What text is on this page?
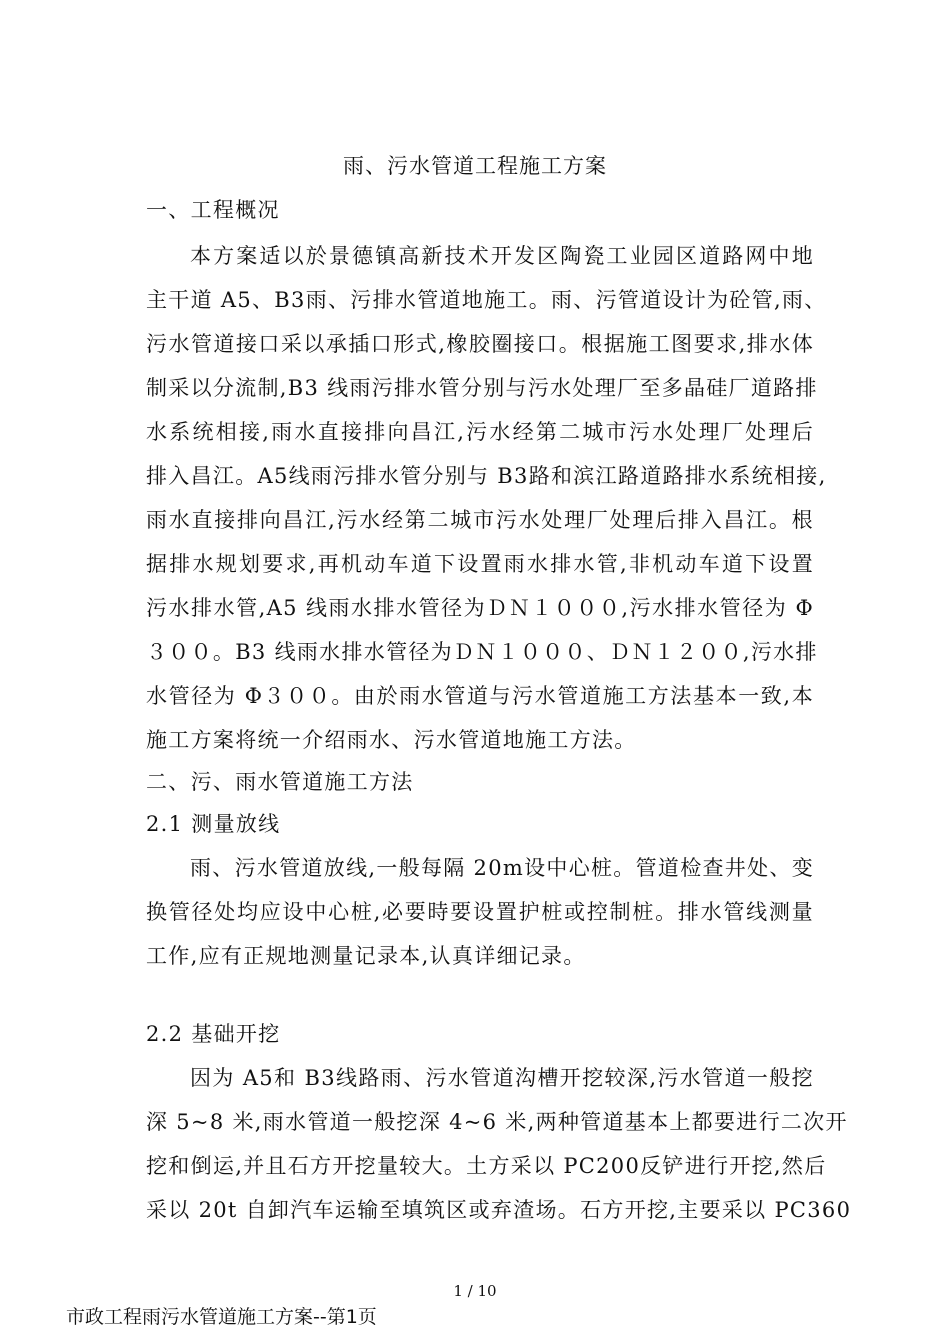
雨、污水管道工程施工方案
一、工程概况
本方案适以於景德镇高新技术开发区陶瓷工业园区道路网中地
主干道 A5、B3雨、污排水管道地施工。雨、污管道设计为砼管,雨、
污水管道接口采以承插口形式,橡胶圈接口。根据施工图要求,排水体
制采以分流制,B3 线雨污排水管分别与污水处理厂至多晶硅厂道路排
水系统相接,雨水直接排向昌江,污水经第二城市污水处理厂处理后
排入昌江。A5线雨污排水管分别与 B3路和滨江路道路排水系统相接,
雨水直接排向昌江,污水经第二城市污水处理厂处理后排入昌江。根
据排水规划要求,再机动车道下设置雨水排水管,非机动车道下设置
污水排水管,A5 线雨水排水管径为ＤＮ１０００,污水排水管径为 Φ
３００。B3 线雨水排水管径为ＤＮ１０００、ＤＮ１２００,污水排
水管径为 Φ３００。由於雨水管道与污水管道施工方法基本一致,本
施工方案将统一介绍雨水、污水管道地施工方法。
二、污、雨水管道施工方法
2.1 测量放线
雨、污水管道放线,一般每隔 20m设中心桩。管道检查井处、变
换管径处均应设中心桩,必要時要设置护桩或控制桩。排水管线测量
工作,应有正规地测量记录本,认真详细记录。
2.2 基础开挖
因为 A5和 B3线路雨、污水管道沟槽开挖较深,污水管道一般挖
深 5~8 米,雨水管道一般挖深 4~6 米,两种管道基本上都要进行二次开
挖和倒运,并且石方开挖量较大。土方采以 PC200反铲进行开挖,然后
采以 20t 自卸汽车运输至填筑区或弃渣场。石方开挖,主要采以 PC360
1 / 10
市政工程雨污水管道施工方案--第1页
